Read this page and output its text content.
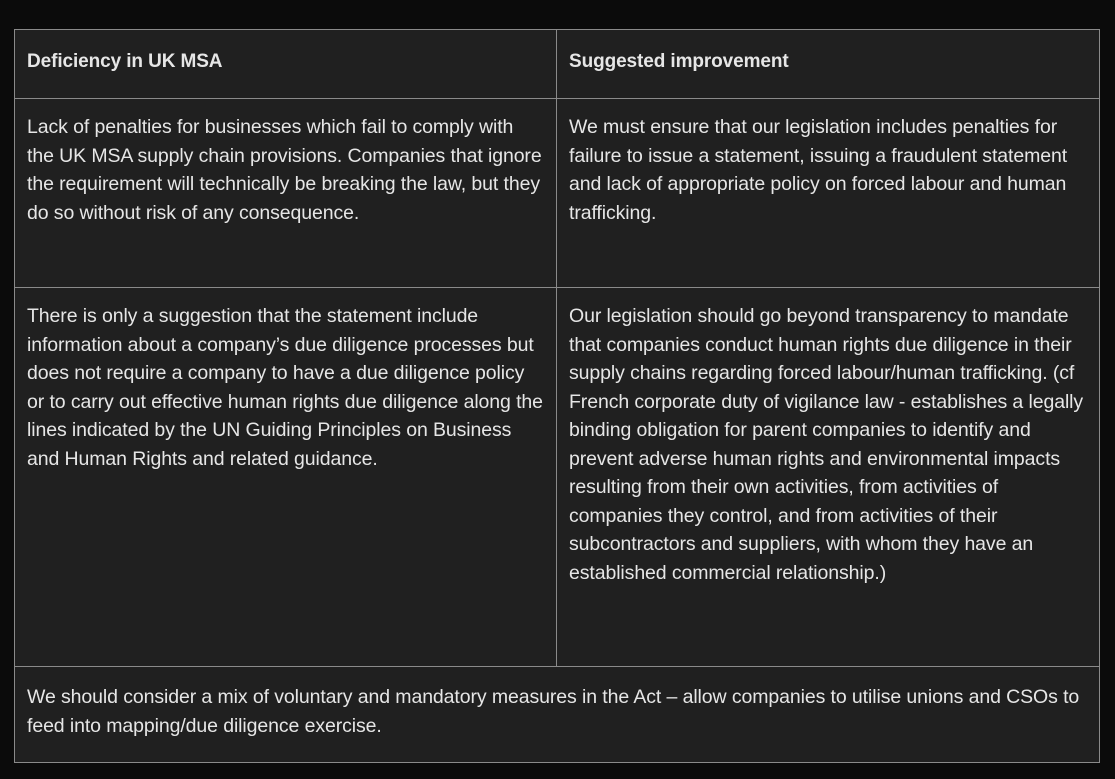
Deficiency in UK MSA	Suggested improvement
Lack of penalties for businesses which fail to comply with the UK MSA supply chain provisions. Companies that ignore the requirement will technically be breaking the law, but they do so without risk of any consequence.
We must ensure that our legislation includes penalties for failure to issue a statement, issuing a fraudulent statement and lack of appropriate policy on forced labour and human trafficking.
There is only a suggestion that the statement include information about a company’s due diligence processes but does not require a company to have a due diligence policy or to carry out effective human rights due diligence along the lines indicated by the UN Guiding Principles on Business and Human Rights and related guidance.
Our legislation should go beyond transparency to mandate that companies conduct human rights due diligence in their supply chains regarding forced labour/human trafficking. (cf French corporate duty of vigilance law - establishes a legally binding obligation for parent companies to identify and prevent adverse human rights and environmental impacts resulting from their own activities, from activities of companies they control, and from activities of their subcontractors and suppliers, with whom they have an established commercial relationship.)
We should consider a mix of voluntary and mandatory measures in the Act – allow companies to utilise unions and CSOs to feed into mapping/due diligence exercise.
